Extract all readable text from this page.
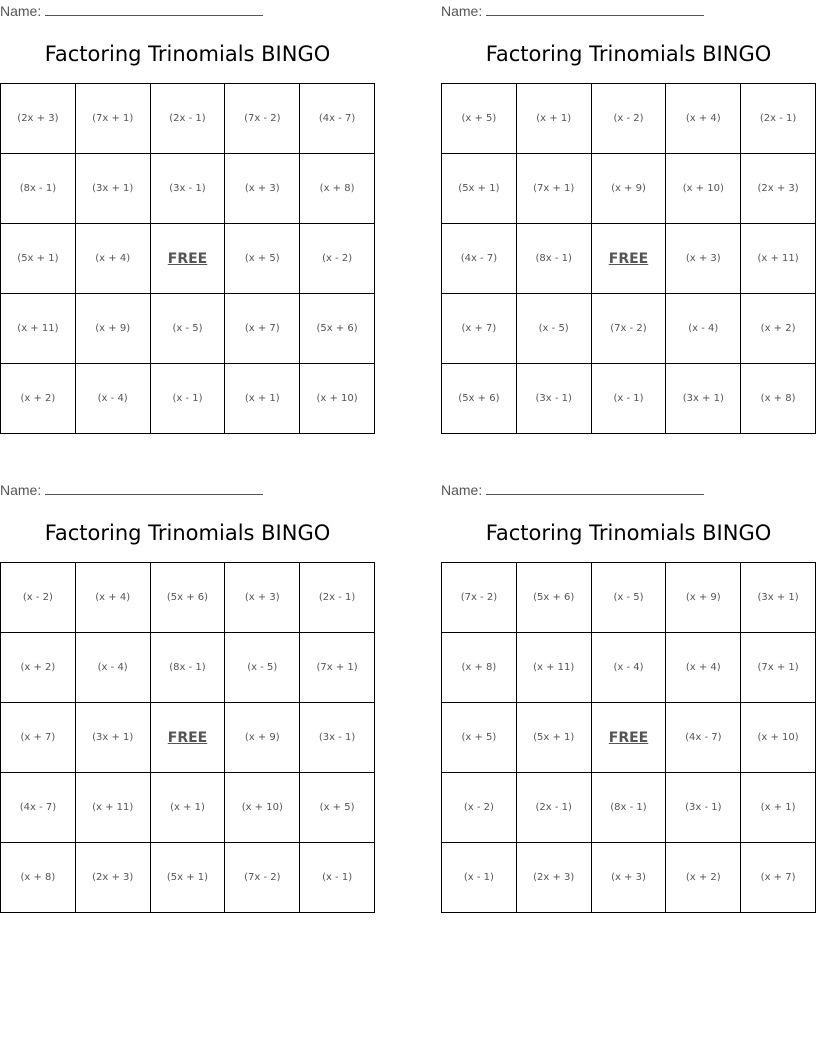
Name:
Factoring Trinomials BINGO
(2x + 3)	(7x + 1)	(2x - 1)	(7x - 2)	(4x - 7)
(8x - 1)	(3x + 1)	(3x - 1)	(x + 3)	(x + 8)
(5x + 1)	(x + 4)	FREE	(x + 5)	(x - 2)
(x + 11)	(x + 9)	(x - 5)	(x + 7)	(5x + 6)
(x + 2)	(x - 4)	(x - 1)	(x + 1)	(x + 10)
Name:
Factoring Trinomials BINGO
(x + 5)	(x + 1)	(x - 2)	(x + 4)	(2x - 1)
(5x + 1)	(7x + 1)	(x + 9)	(x + 10)	(2x + 3)
(4x - 7)	(8x - 1)	FREE	(x + 3)	(x + 11)
(x + 7)	(x - 5)	(7x - 2)	(x - 4)	(x + 2)
(5x + 6)	(3x - 1)	(x - 1)	(3x + 1)	(x + 8)
Name:
Factoring Trinomials BINGO
(x - 2)	(x + 4)	(5x + 6)	(x + 3)	(2x - 1)
(x + 2)	(x - 4)	(8x - 1)	(x - 5)	(7x + 1)
(x + 7)	(3x + 1)	FREE	(x + 9)	(3x - 1)
(4x - 7)	(x + 11)	(x + 1)	(x + 10)	(x + 5)
(x + 8)	(2x + 3)	(5x + 1)	(7x - 2)	(x - 1)
Name:
Factoring Trinomials BINGO
(7x - 2)	(5x + 6)	(x - 5)	(x + 9)	(3x + 1)
(x + 8)	(x + 11)	(x - 4)	(x + 4)	(7x + 1)
(x + 5)	(5x + 1)	FREE	(4x - 7)	(x + 10)
(x - 2)	(2x - 1)	(8x - 1)	(3x - 1)	(x + 1)
(x - 1)	(2x + 3)	(x + 3)	(x + 2)	(x + 7)
